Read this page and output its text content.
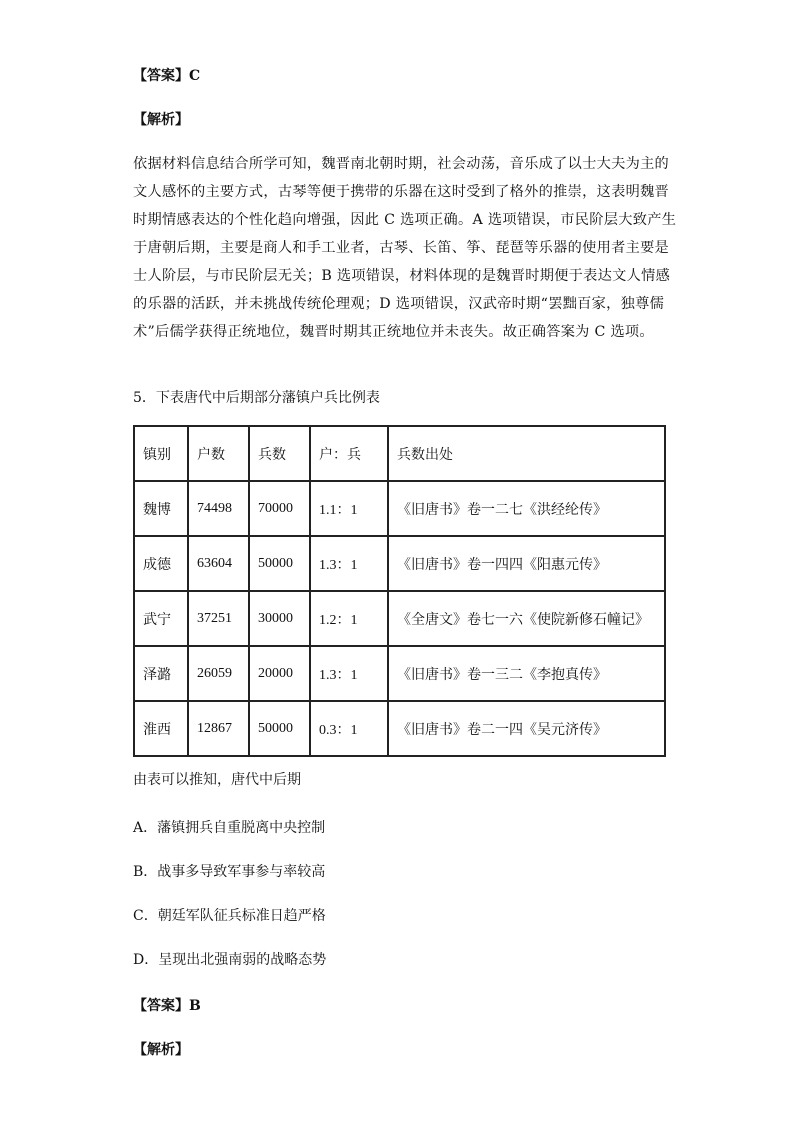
【答案】C
【解析】
依据材料信息结合所学可知，魏晋南北朝时期，社会动荡，音乐成了以士大夫为主的
文人感怀的主要方式，古琴等便于携带的乐器在这时受到了格外的推崇，这表明魏晋
时期情感表达的个性化趋向增强，因此 C 选项正确。A 选项错误，市民阶层大致产生
于唐朝后期，主要是商人和手工业者，古琴、长笛、筝、琵琶等乐器的使用者主要是
士人阶层，与市民阶层无关；B 选项错误，材料体现的是魏晋时期便于表达文人情感
的乐器的活跃，并未挑战传统伦理观；D 选项错误，汉武帝时期“罢黜百家，独尊儒
术”后儒学获得正统地位，魏晋时期其正统地位并未丧失。故正确答案为 C 选项。
5．下表唐代中后期部分藩镇户兵比例表
镇别	户数	兵数	户：兵	兵数出处
魏博	74498	70000	1.1：1	《旧唐书》卷一二七《洪经纶传》
成德	63604	50000	1.3：1	《旧唐书》卷一四四《阳惠元传》
武宁	37251	30000	1.2：1	《全唐文》卷七一六《使院新修石幢记》
泽潞	26059	20000	1.3：1	《旧唐书》卷一三二《李抱真传》
淮西	12867	50000	0.3：1	《旧唐书》卷二一四《吴元济传》
由表可以推知，唐代中后期
A．藩镇拥兵自重脱离中央控制
B．战事多导致军事参与率较高
C．朝廷军队征兵标准日趋严格
D．呈现出北强南弱的战略态势
【答案】B
【解析】
